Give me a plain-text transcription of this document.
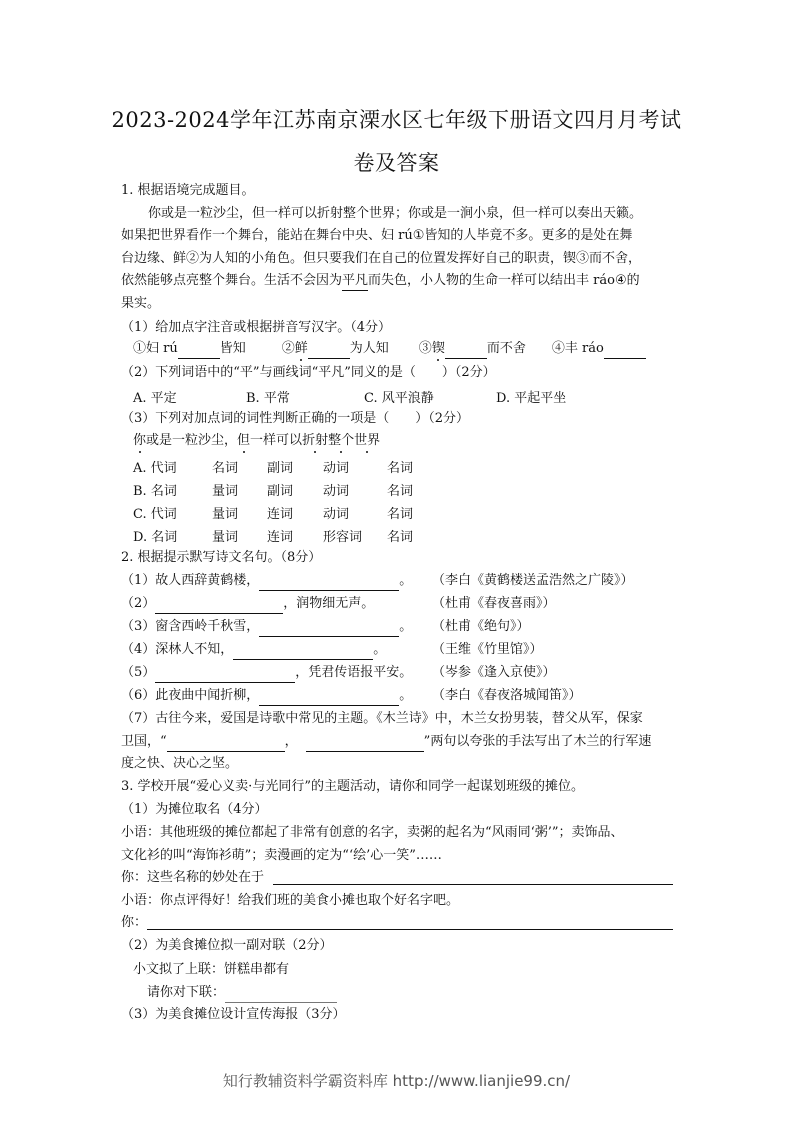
2023-2024学年江苏南京溧水区七年级下册语文四月月考试
卷及答案
1. 根据语境完成题目。
你或是一粒沙尘，但一样可以折射整个世界；你或是一涧小泉，但一样可以奏出天籁。
如果把世界看作一个舞台，能站在舞台中央、妇 rú①皆知的人毕竟不多。更多的是处在舞
台边缘、鲜②为人知的小角色。但只要我们在自己的位置发挥好自己的职责，锲③而不舍，
依然能够点亮整个舞台。生活不会因为平凡而失色，小人物的生命一样可以结出丰 ráo④的
果实。
（1）给加点字注音或根据拼音写汉字。（4分）
①妇 rú	皆知	②鲜	为人知 ③锲	而不舍 ④丰 ráo
（2）下列词语中的“平”与画线词“平凡”同义的是（　　）（2分）
A. 平定	B. 平常	C. 风平浪静	D. 平起平坐
（3）下列对加点词的词性判断正确的一项是（　　）（2分）
你或是一粒沙尘，但一样可以折射整个世界
A. 代词	名词 副词 动词	名词
B. 名词	量词 副词 动词	名词
C. 代词	量词 连词 动词	名词
D. 名词	量词 连词 形容词 名词
2. 根据提示默写诗文名句。（8分）
（1）故人西辞黄鹤楼，	。 （李白《黄鹤楼送孟浩然之广陵》）
（2）	，润物细无声。	（杜甫《春夜喜雨》）
（3）窗含西岭千秋雪，	。 （杜甫《绝句》）
（4）深林人不知，	。	（王维《竹里馆》）
（5）	，凭君传语报平安。 （岑参《逢入京使》）
（6）此夜曲中闻折柳，	。 （李白《春夜洛城闻笛》）
（7）古往今来，爱国是诗歌中常见的主题。《木兰诗》中，木兰女扮男装，替父从军，保家
卫国，“	，	”两句以夸张的手法写出了木兰的行军速
度之快、决心之坚。
3. 学校开展“爱心义卖·与光同行”的主题活动，请你和同学一起谋划班级的摊位。
（1）为摊位取名（4分）
小语：其他班级的摊位都起了非常有创意的名字，卖粥的起名为“风雨同‘粥’”；卖饰品、
文化衫的叫“海饰衫萌”；卖漫画的定为“‘绘’心一笑”……
你：这些名称的妙处在于
小语：你点评得好！给我们班的美食小摊也取个好名字吧。
你：
（2）为美食摊位拟一副对联（2分）
小文拟了上联：饼糕串都有
请你对下联：
（3）为美食摊位设计宣传海报（3分）
知行教辅资料学霸资料库 http://www.lianjie99.cn/
